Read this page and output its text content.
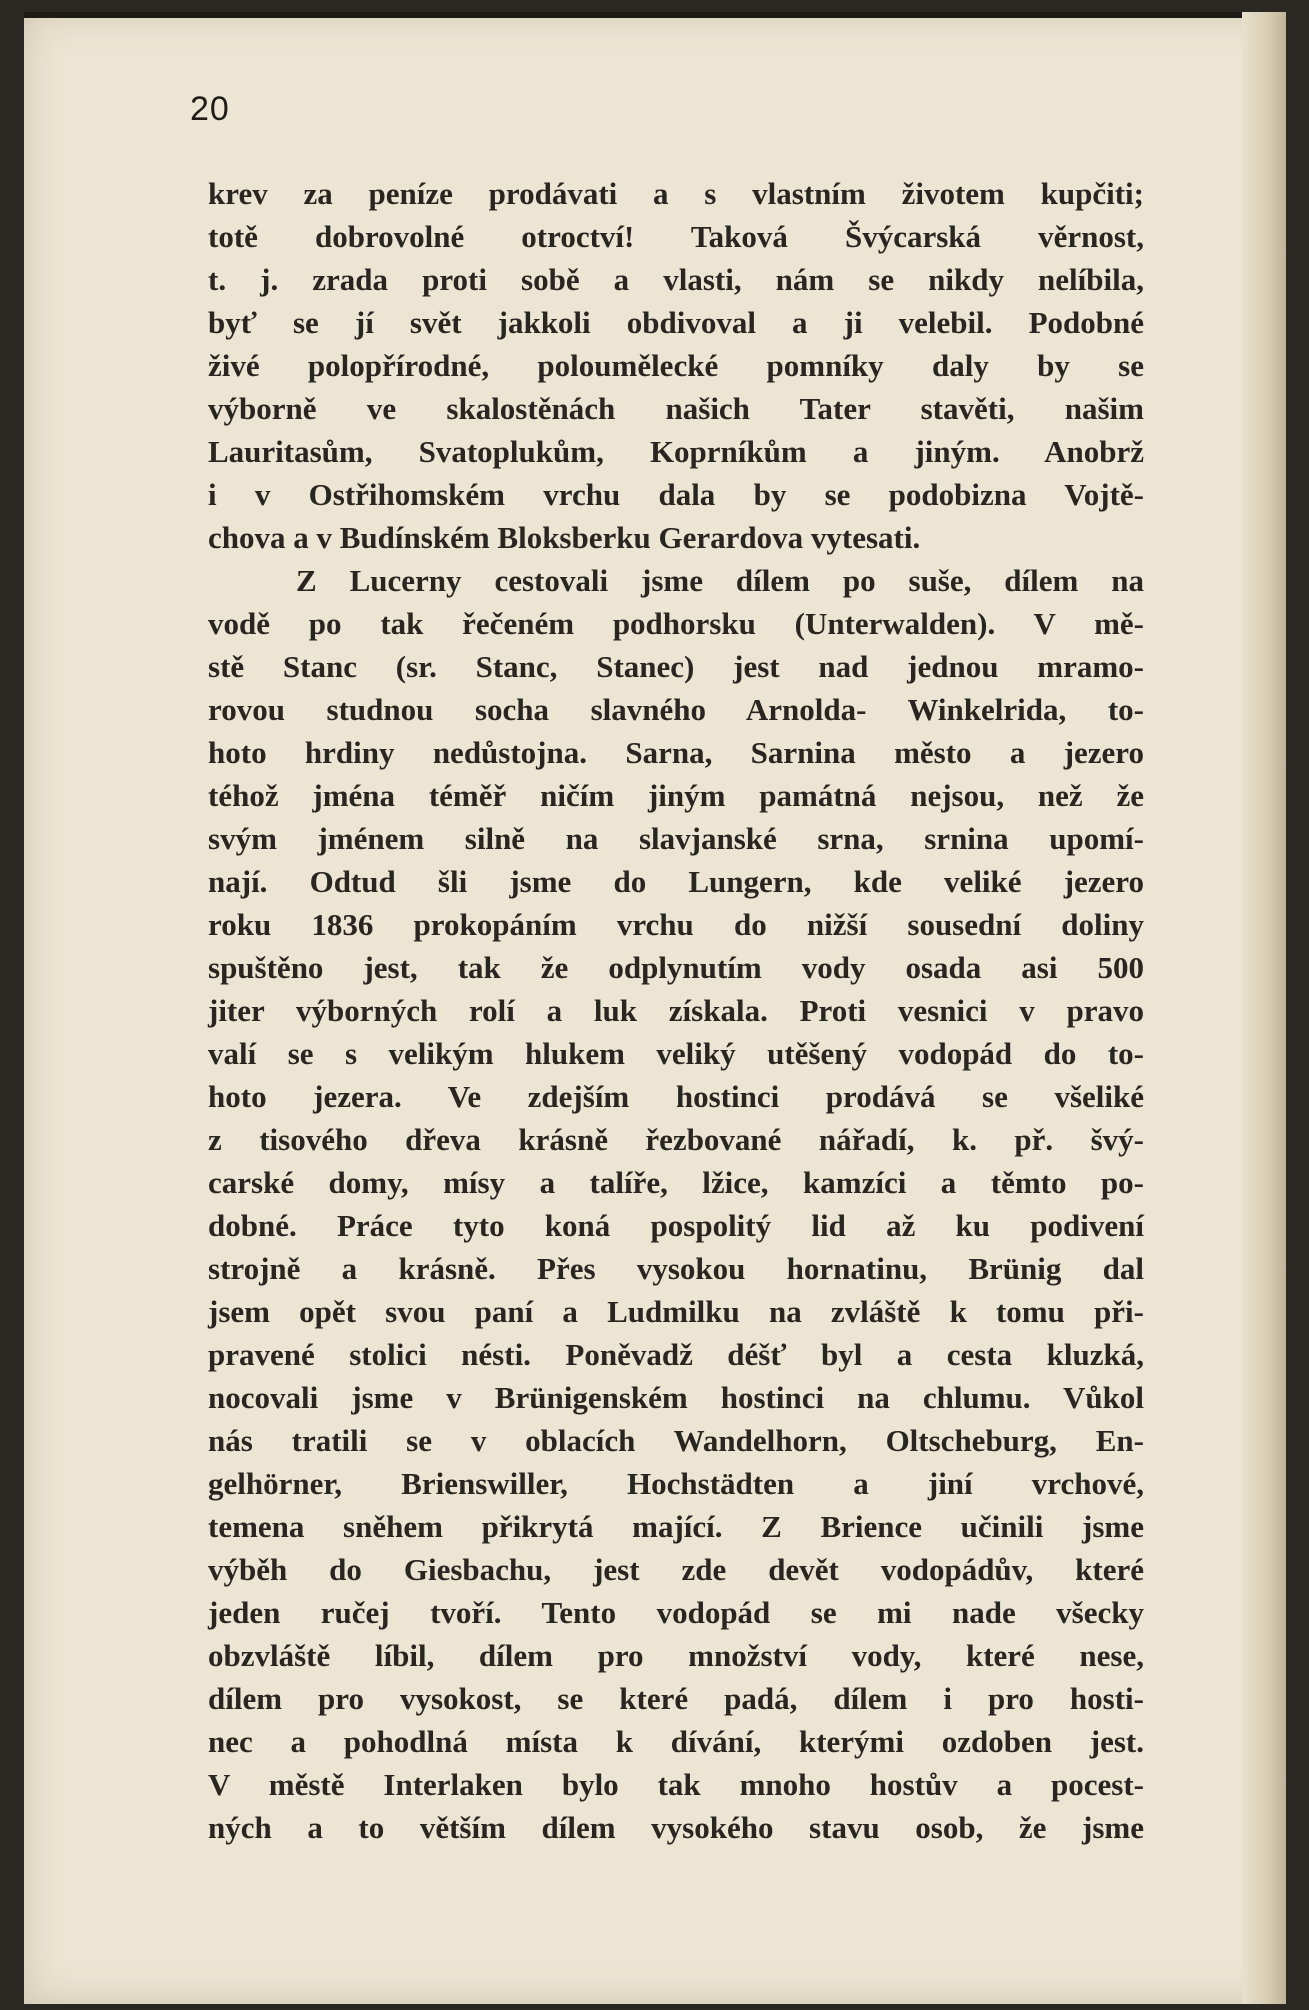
20
krev za peníze prodávati a s vlastním životem kupčiti;
totě dobrovolné otroctví! Taková Švýcarská věrnost,
t. j. zrada proti sobě a vlasti, nám se nikdy nelíbila,
byť se jí svět jakkoli obdivoval a ji velebil. Podobné
živé polopřírodné, poloumělecké pomníky daly by se
výborně ve skalostěnách našich Tater stavěti, našim
Lauritasům, Svatoplukům, Koprníkům a jiným. Anobrž
i v Ostřihomském vrchu dala by se podobizna Vojtě-
chova a v Budínském Bloksberku Gerardova vytesati.
Z Lucerny cestovali jsme dílem po suše, dílem na
vodě po tak řečeném podhorsku (Unterwalden). V mě-
stě Stanc (sr. Stanc, Stanec) jest nad jednou mramo-
rovou studnou socha slavného Arnolda- Winkelrida, to-
hoto hrdiny nedůstojna. Sarna, Sarnina město a jezero
téhož jména téměř ničím jiným památná nejsou, než že
svým jménem silně na slavjanské srna, srnina upomí-
nají. Odtud šli jsme do Lungern, kde veliké jezero
roku 1836 prokopáním vrchu do nižší sousední doliny
spuštěno jest, tak že odplynutím vody osada asi 500
jiter výborných rolí a luk získala. Proti vesnici v pravo
valí se s velikým hlukem veliký utěšený vodopád do to-
hoto jezera. Ve zdejším hostinci prodává se všeliké
z tisového dřeva krásně řezbované nářadí, k. př. švý-
carské domy, mísy a talíře, lžice, kamzíci a těmto po-
dobné. Práce tyto koná pospolitý lid až ku podivení
strojně a krásně. Přes vysokou hornatinu, Brünig dal
jsem opět svou paní a Ludmilku na zvláště k tomu při-
pravené stolici nésti. Poněvadž déšť byl a cesta kluzká,
nocovali jsme v Brünigenském hostinci na chlumu. Vůkol
nás tratili se v oblacích Wandelhorn, Oltscheburg, En-
gelhörner, Brienswiller, Hochstädten a jiní vrchové,
temena sněhem přikrytá mající. Z Brience učinili jsme
výběh do Giesbachu, jest zde devět vodopádův, které
jeden ručej tvoří. Tento vodopád se mi nade všecky
obzvláště líbil, dílem pro množství vody, které nese,
dílem pro vysokost, se které padá, dílem i pro hosti-
nec a pohodlná místa k dívání, kterými ozdoben jest.
V městě Interlaken bylo tak mnoho hostův a pocest-
ných a to větším dílem vysokého stavu osob, že jsme
